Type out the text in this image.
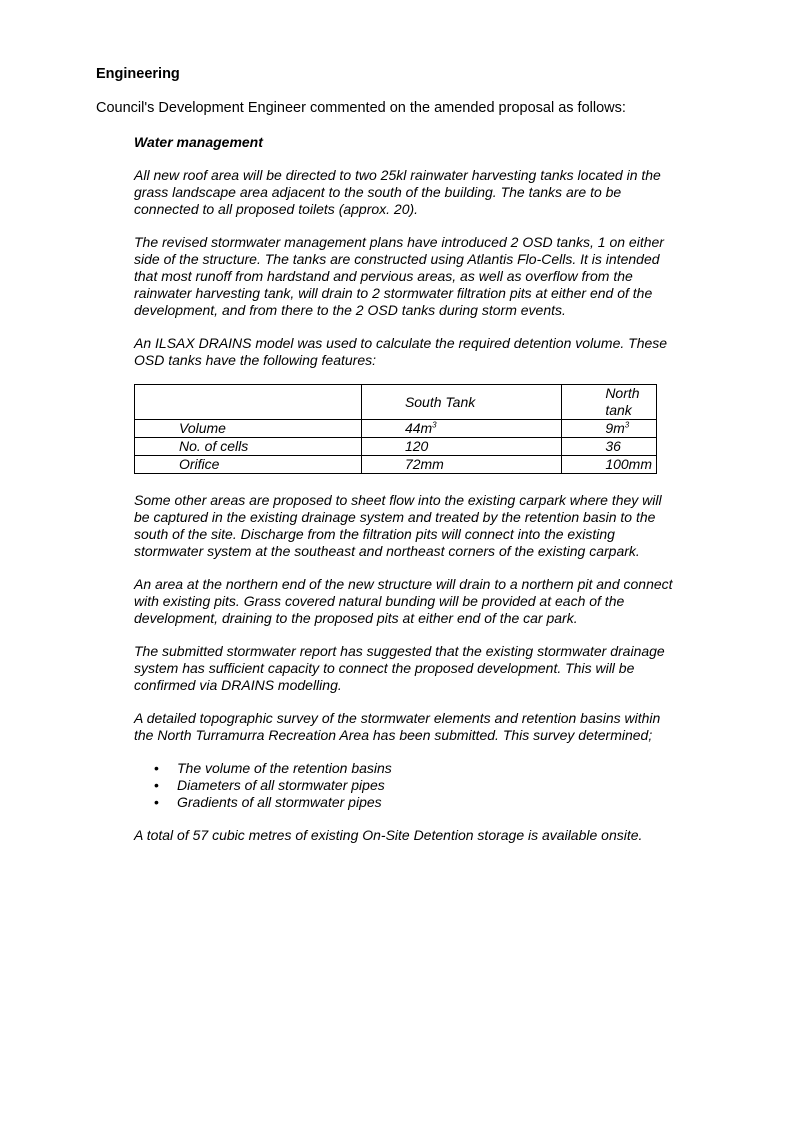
Engineering
Council's Development Engineer commented on the amended proposal as follows:

Water management

All new roof area will be directed to two 25kl rainwater harvesting tanks located in the grass landscape area adjacent to the south of the building. The tanks are to be connected to all proposed toilets (approx. 20).

The revised stormwater management plans have introduced 2 OSD tanks, 1 on either side of the structure. The tanks are constructed using Atlantis Flo-Cells. It is intended that most runoff from hardstand and pervious areas, as well as overflow from the rainwater harvesting tank, will drain to 2 stormwater filtration pits at either end of the development, and from there to the 2 OSD tanks during storm events.

An ILSAX DRAINS model was used to calculate the required detention volume. These OSD tanks have the following features:

	South Tank	North tank
Volume	$44m^3$	$9m^3$
No. of cells	120	36
Orifice	72mm	100mm

Some other areas are proposed to sheet flow into the existing carpark where they will be captured in the existing drainage system and treated by the retention basin to the south of the site. Discharge from the filtration pits will connect into the existing stormwater system at the southeast and northeast corners of the existing carpark.

An area at the northern end of the new structure will drain to a northern pit and connect with existing pits. Grass covered natural bunding will be provided at each of the development, draining to the proposed pits at either end of the car park.

The submitted stormwater report has suggested that the existing stormwater drainage system has sufficient capacity to connect the proposed development. This will be confirmed via DRAINS modelling.

A detailed topographic survey of the stormwater elements and retention basins within the North Turramurra Recreation Area has been submitted. This survey determined;

• The volume of the retention basins
• Diameters of all stormwater pipes
• Gradients of all stormwater pipes

A total of 57 cubic metres of existing On-Site Detention storage is available onsite.
